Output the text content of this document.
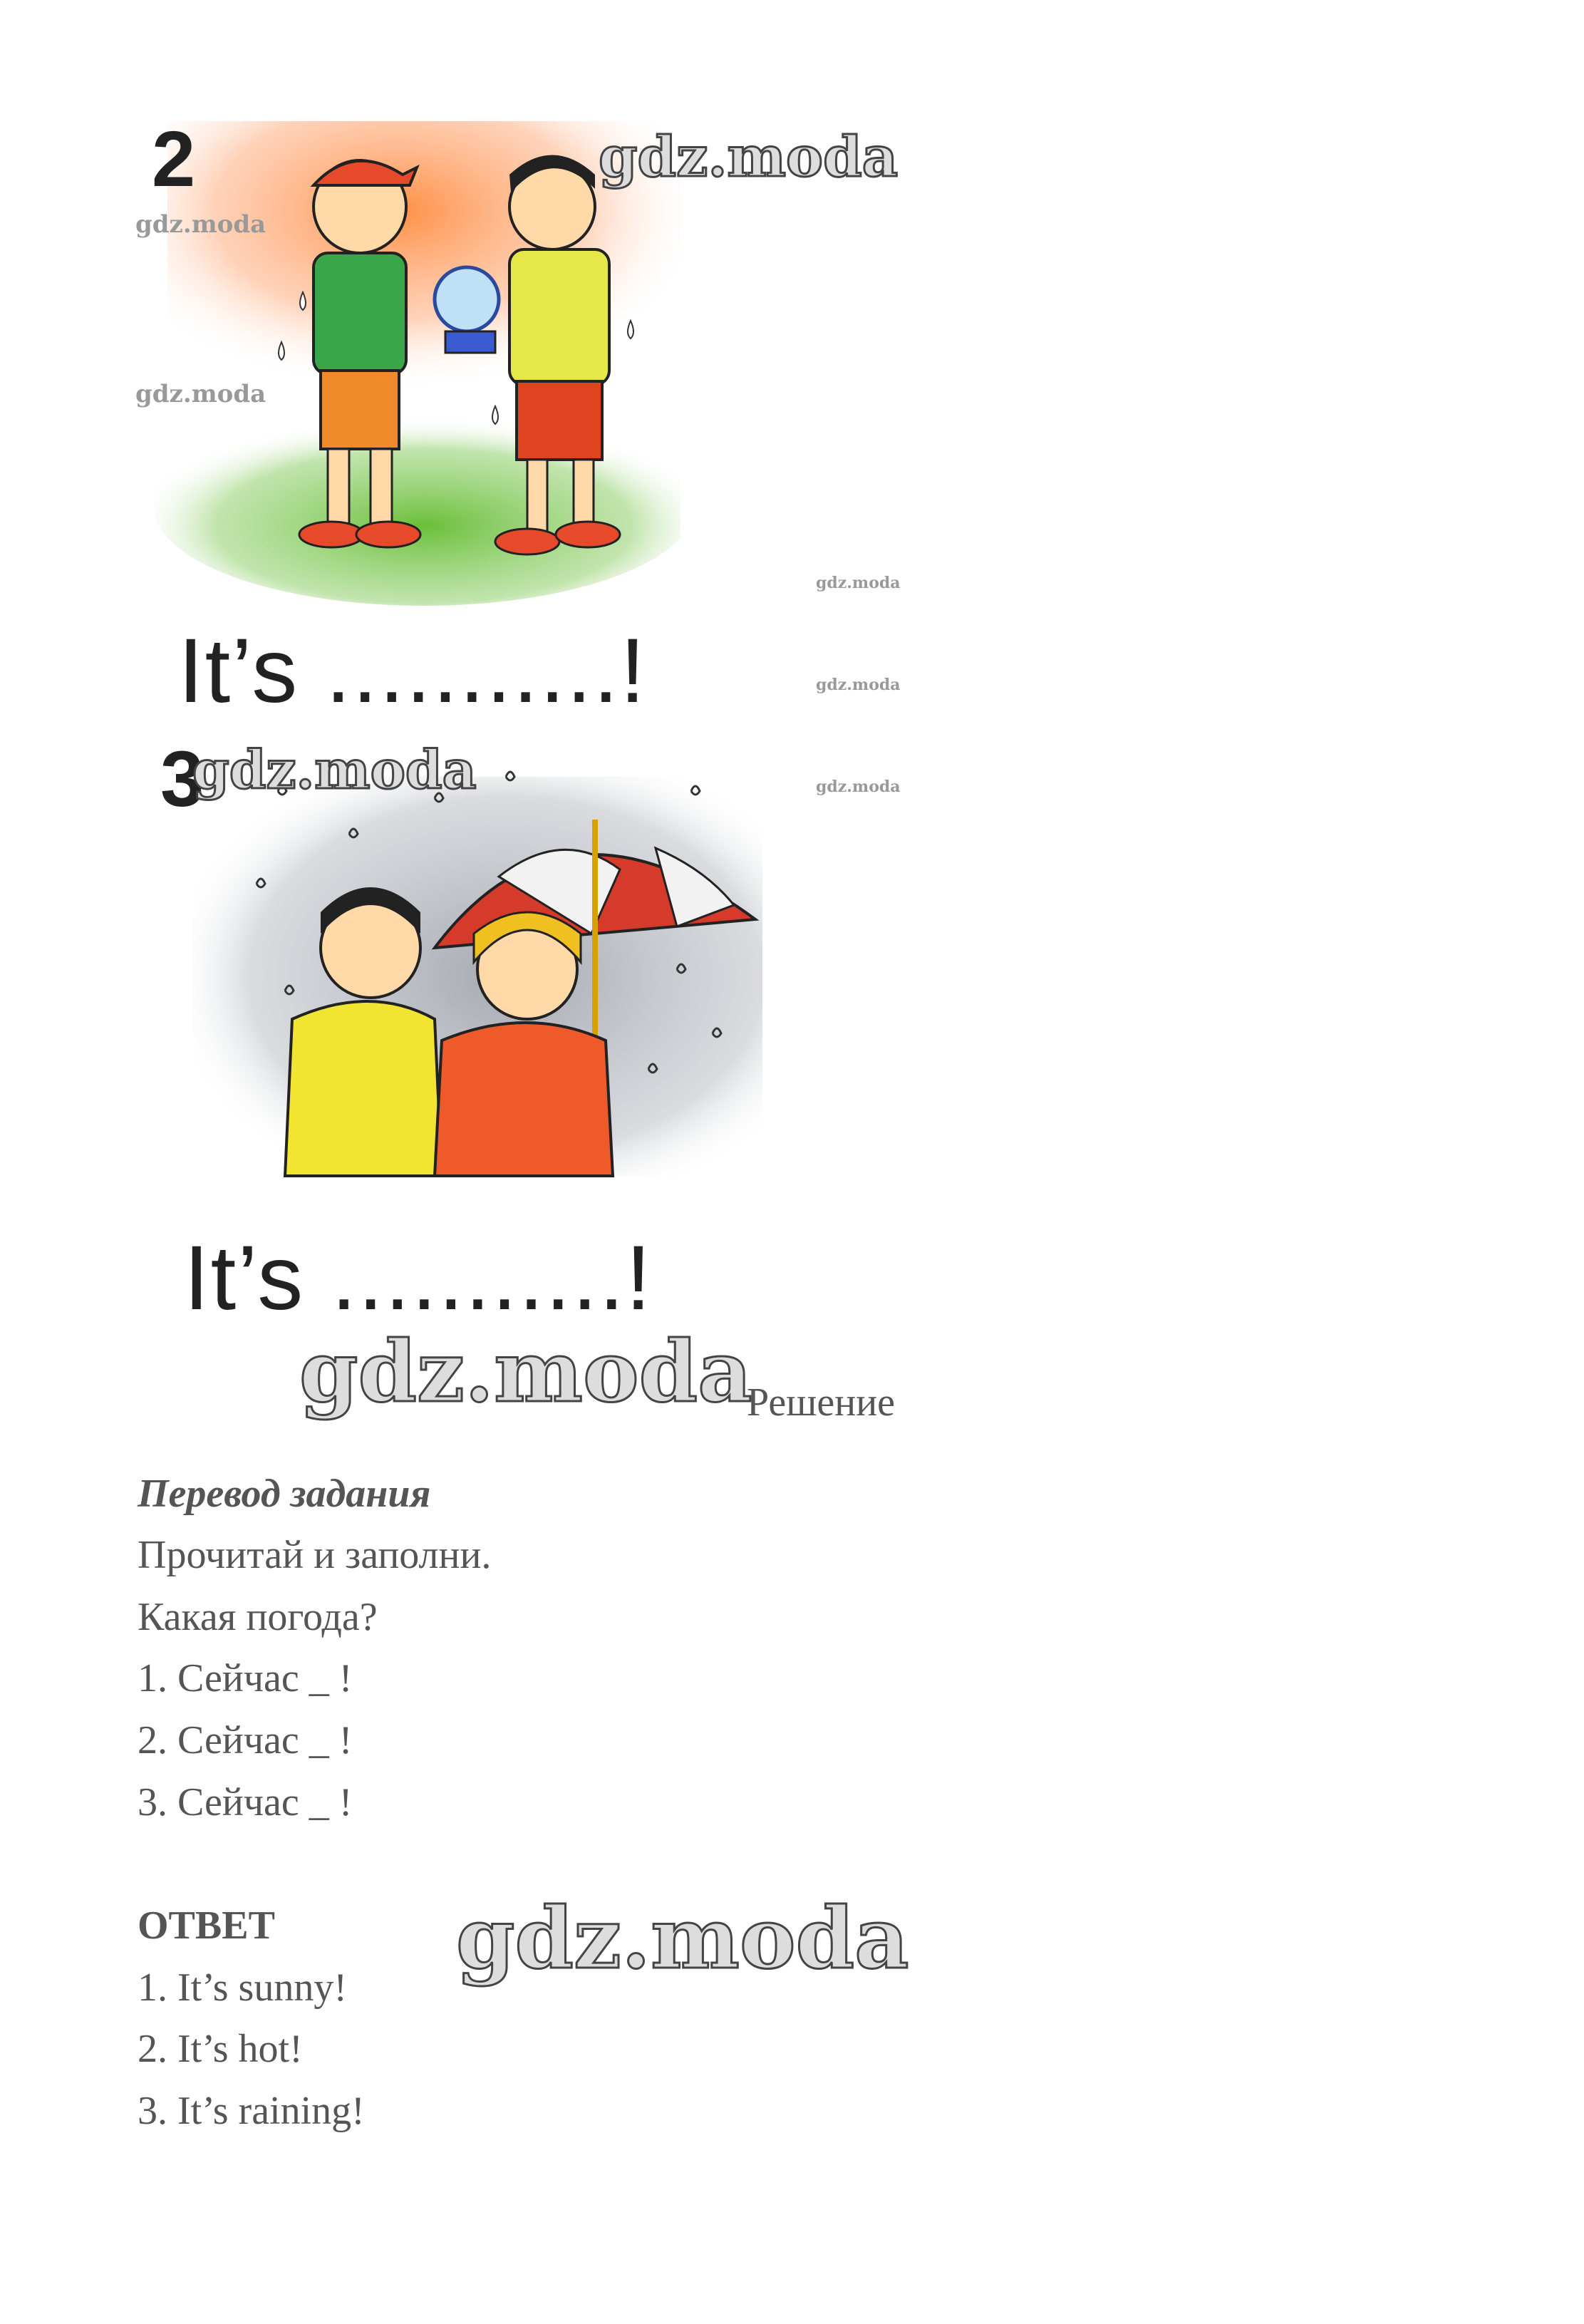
2
3
It’s ...........!
It’s ...........!
gdz.moda
gdz.moda
gdz.moda
gdz.moda
gdz.moda
gdz.moda
gdz.moda
gdz.moda
gdz.moda
Решение
Перевод задания
Прочитай и заполни.
Какая погода?
1. Сейчас _ !
2. Сейчас _ !
3. Сейчас _ !
ОТВЕТ
1. It’s sunny!
2. It’s hot!
3. It’s raining!
